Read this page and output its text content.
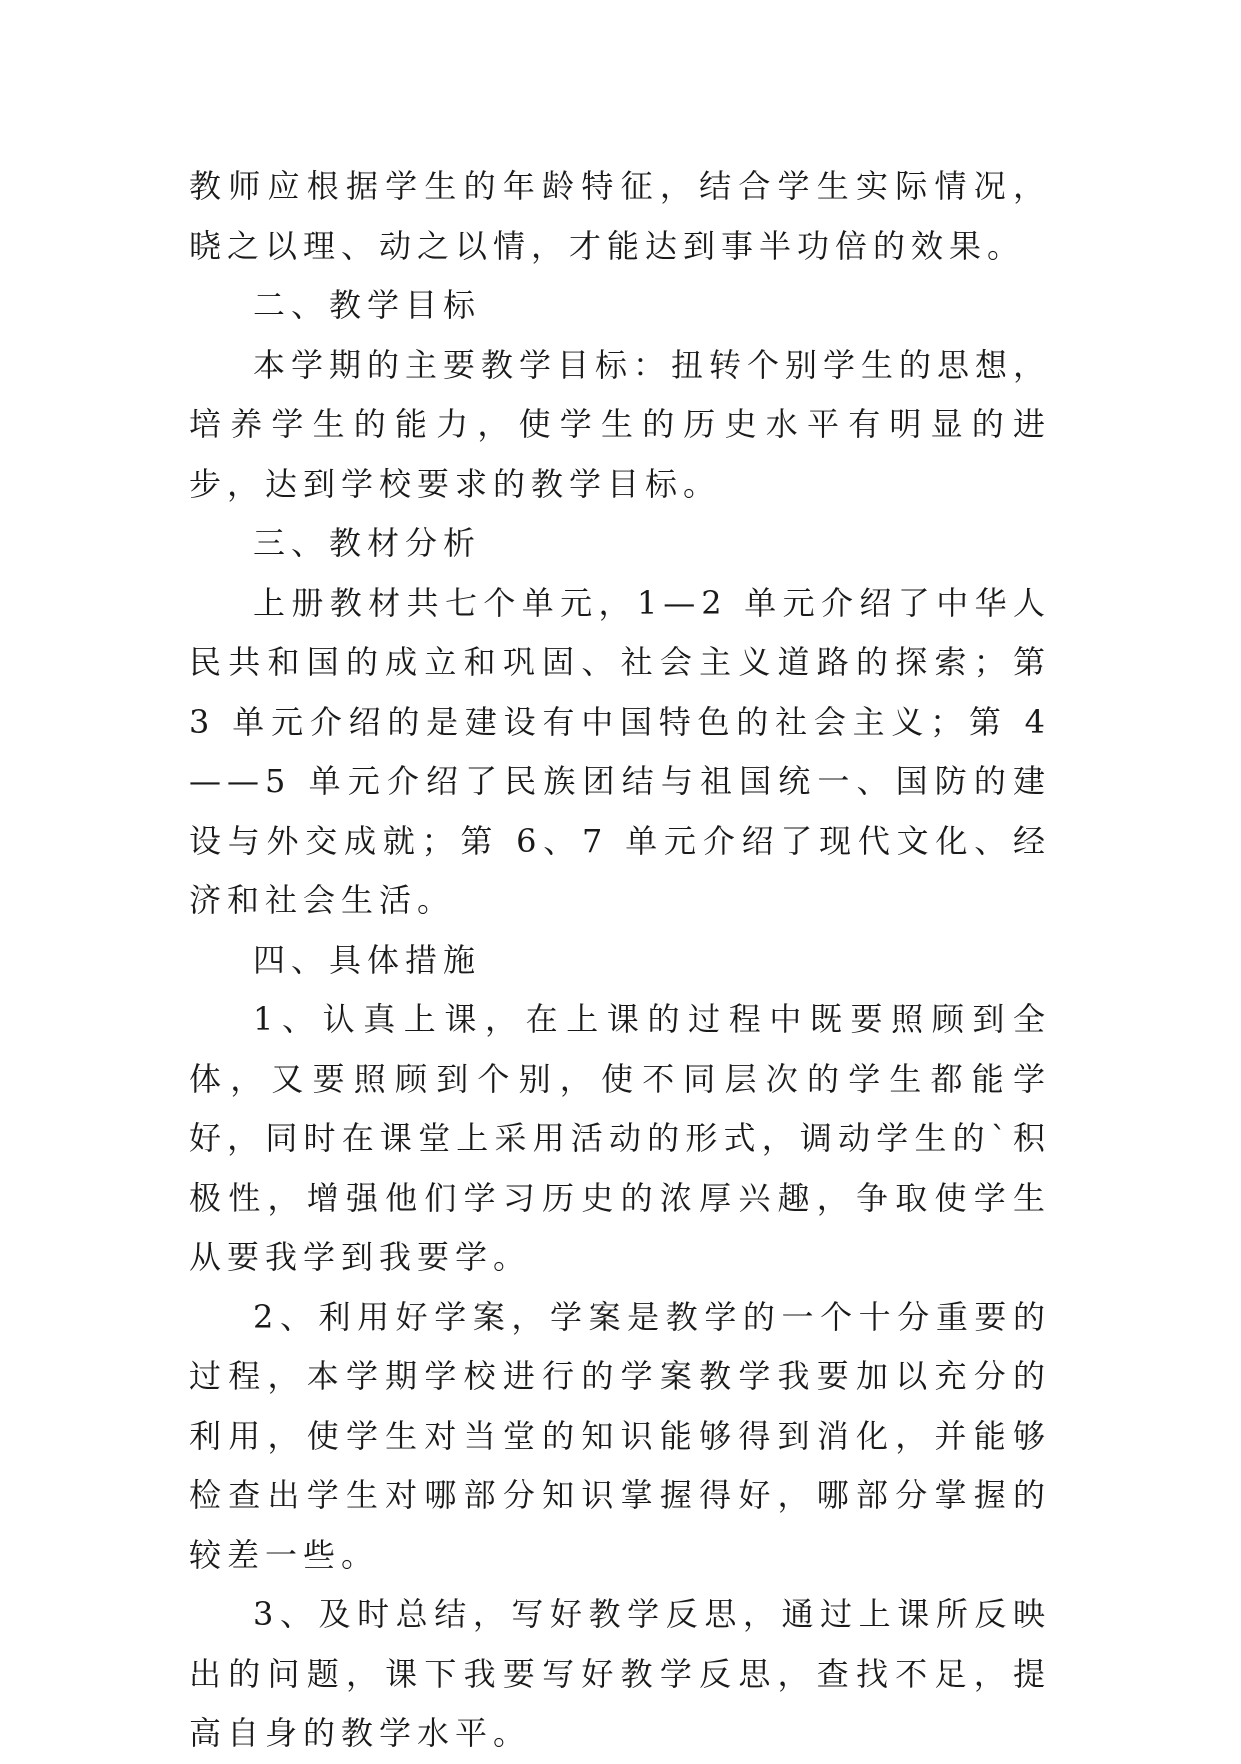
教师应根据学生的年龄特征，结合学生实际情况，晓之以理、动之以情，才能达到事半功倍的效果。

二、教学目标

本学期的主要教学目标：扭转个别学生的思想，培养学生的能力，使学生的历史水平有明显的进步，达到学校要求的教学目标。

三、教材分析

上册教材共七个单元，1—2 单元介绍了中华人民共和国的成立和巩固、社会主义道路的探索；第 3 单元介绍的是建设有中国特色的社会主义；第 4——5 单元介绍了民族团结与祖国统一、国防的建设与外交成就；第 6、7 单元介绍了现代文化、经济和社会生活。

四、具体措施

1、认真上课，在上课的过程中既要照顾到全体，又要照顾到个别，使不同层次的学生都能学好，同时在课堂上采用活动的形式，调动学生的`积极性，增强他们学习历史的浓厚兴趣，争取使学生从要我学到我要学。

2、利用好学案，学案是教学的一个十分重要的过程，本学期学校进行的学案教学我要加以充分的利用，使学生对当堂的知识能够得到消化，并能够检查出学生对哪部分知识掌握得好，哪部分掌握的较差一些。

3、及时总结，写好教学反思，通过上课所反映出的问题，课下我要写好教学反思，查找不足，提高自身的教学水平。
